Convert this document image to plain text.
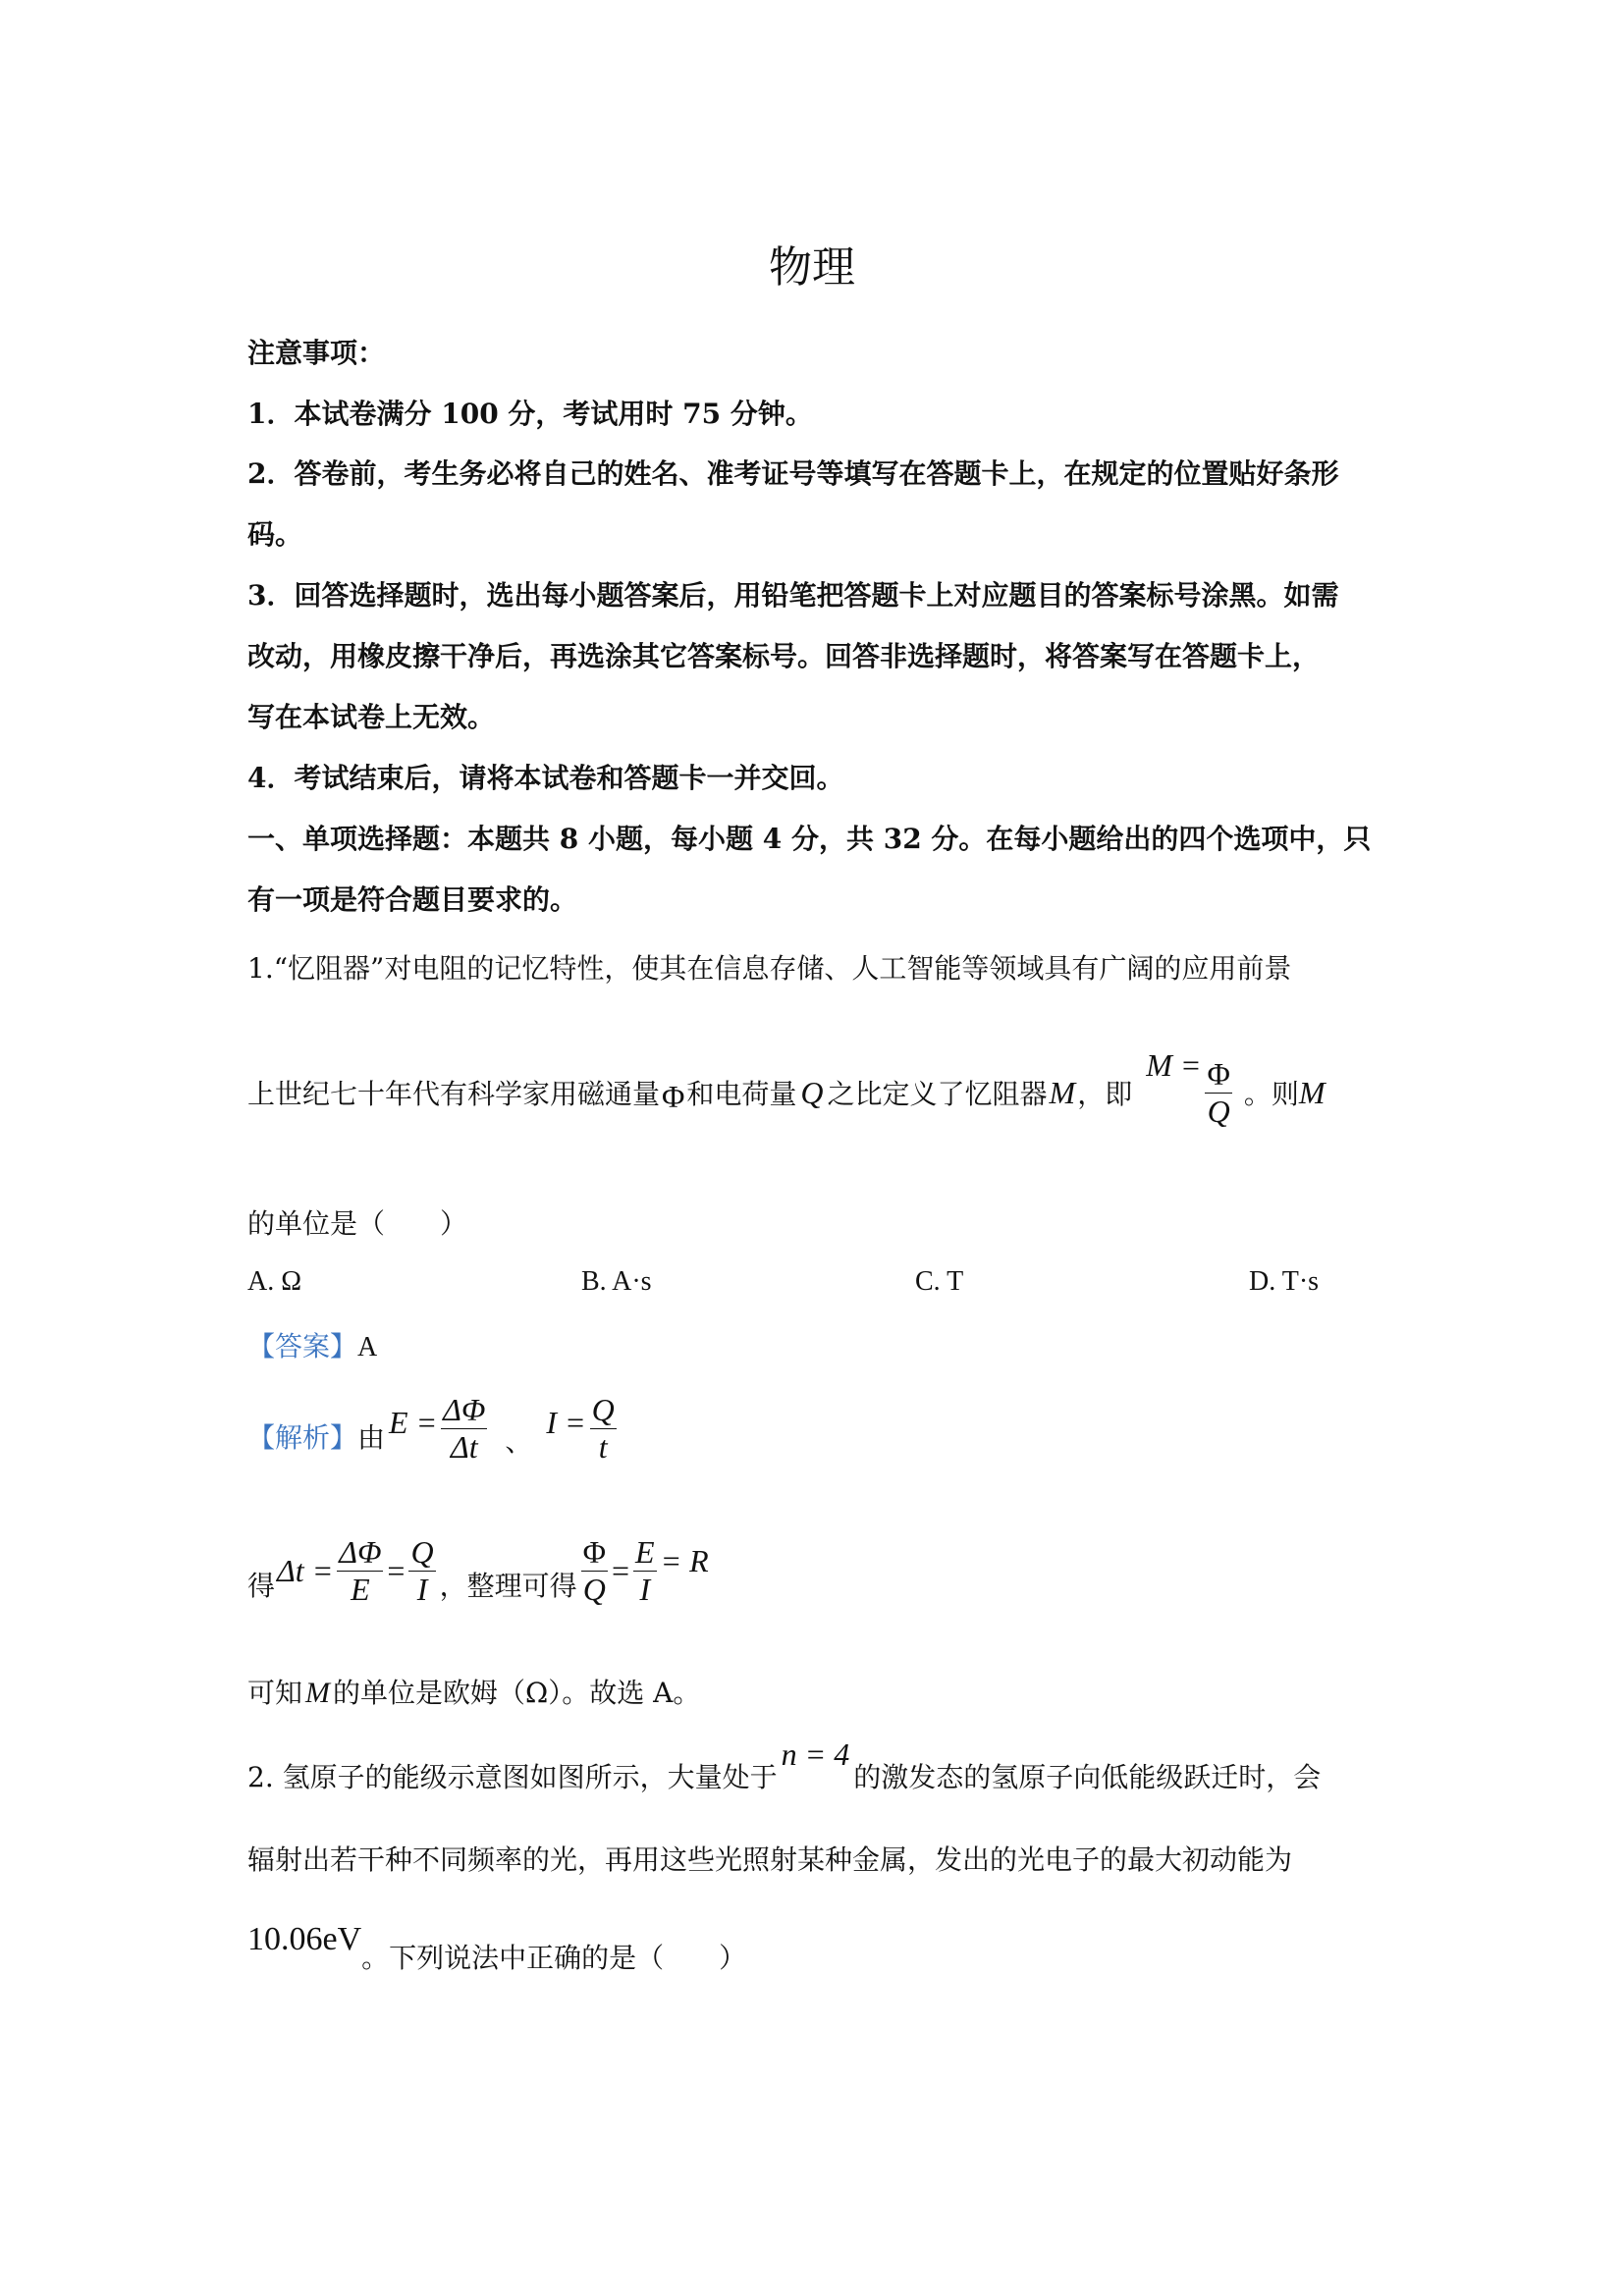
物理
注意事项：
1．本试卷满分 100 分，考试用时 75 分钟。
2．答卷前，考生务必将自己的姓名、准考证号等填写在答题卡上，在规定的位置贴好条形
码。
3．回答选择题时，选出每小题答案后，用铅笔把答题卡上对应题目的答案标号涂黑。如需
改动，用橡皮擦干净后，再选涂其它答案标号。回答非选择题时，将答案写在答题卡上，
写在本试卷上无效。
4．考试结束后，请将本试卷和答题卡一并交回。
一、单项选择题：本题共 8 小题，每小题 4 分，共 32 分。在每小题给出的四个选项中，只
有一项是符合题目要求的。
1.“忆阻器”对电阻的记忆特性，使其在信息存储、人工智能等领域具有广阔的应用前景
上世纪七十年代有科学家用磁通量 Φ 和电荷量 Q 之比定义了忆阻器 M ，即
$M = \frac{\Phi}{Q}$ 。则 M
的单位是（　　）
A. Ω	B. A·s	C. T	D. T·s
【答案】A
【解析】 由 $E = \frac{\Delta\Phi}{\Delta t}$ 、
$I = \frac{Q}{t}$
得 $\Delta t = \frac{\Delta\Phi}{E} = \frac{Q}{I}$ ，整理可得 $\frac{\Phi}{Q} = \frac{E}{I} = R$
可知 M 的单位是欧姆（Ω）。故选 A。
2. 氢原子的能级示意图如图所示，大量处于
n = 4
的激发态的氢原子向低能级跃迁时，会
辐射出若干种不同频率的光，再用这些光照射某种金属，发出的光电子的最大初动能为
10.06eV
。下列说法中正确的是（　　）
